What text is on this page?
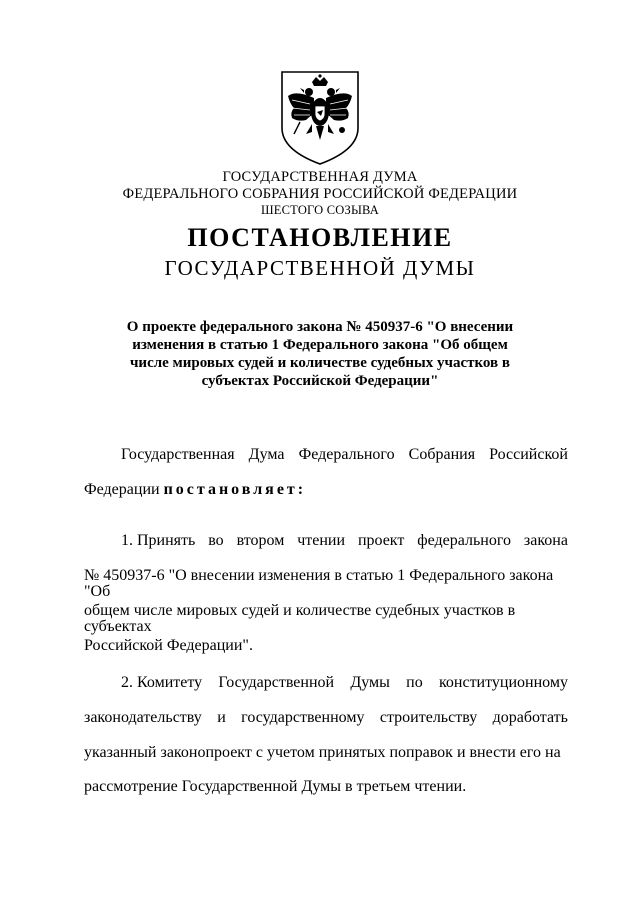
ГОСУДАРСТВЕННАЯ ДУМА
ФЕДЕРАЛЬНОГО СОБРАНИЯ РОССИЙСКОЙ ФЕДЕРАЦИИ
ШЕСТОГО СОЗЫВА
ПОСТАНОВЛЕНИЕ
ГОСУДАРСТВЕННОЙ ДУМЫ
О проекте федерального закона № 450937-6 "О внесении
изменения в статью 1 Федерального закона "Об общем
числе мировых судей и количестве судебных участков в
субъектах Российской Федерации"
Государственная Дума Федерального Собрания Российской
Федерации постановляет:
1. Принять во втором чтении проект федерального закона
№ 450937-6 "О внесении изменения в статью 1 Федерального закона "Об
общем числе мировых судей и количестве судебных участков в субъектах
Российской Федерации".
2. Комитету Государственной Думы по конституционному
законодательству и государственному строительству доработать
указанный законопроект с учетом принятых поправок и внести его на
рассмотрение Государственной Думы в третьем чтении.
